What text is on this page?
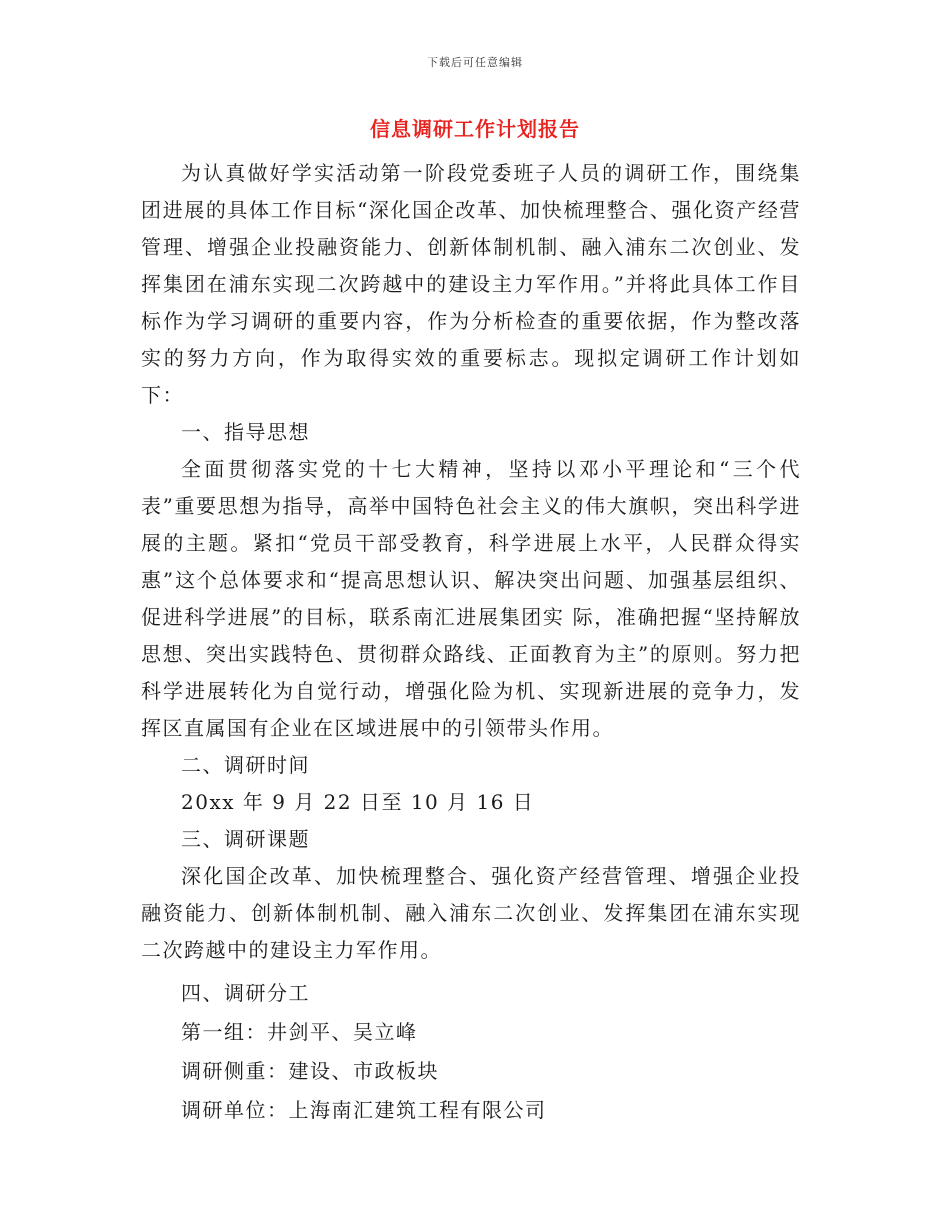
下载后可任意编辑
信息调研工作计划报告

为认真做好学实活动第一阶段党委班子人员的调研工作，围绕集团进展的具体工作目标“深化国企改革、加快梳理整合、强化资产经营管理、增强企业投融资能力、创新体制机制、融入浦东二次创业、发挥集团在浦东实现二次跨越中的建设主力军作用。”并将此具体工作目标作为学习调研的重要内容，作为分析检查的重要依据，作为整改落实的努力方向，作为取得实效的重要标志。现拟定调研工作计划如下：

一、指导思想

全面贯彻落实党的十七大精神，坚持以邓小平理论和“三个代表”重要思想为指导，高举中国特色社会主义的伟大旗帜，突出科学进展的主题。紧扣“党员干部受教育，科学进展上水平，人民群众得实惠”这个总体要求和“提高思想认识、解决突出问题、加强基层组织、促进科学进展”的目标，联系南汇进展集团实 际，准确把握“坚持解放思想、突出实践特色、贯彻群众路线、正面教育为主”的原则。努力把科学进展转化为自觉行动，增强化险为机、实现新进展的竞争力，发挥区直属国有企业在区域进展中的引领带头作用。

二、调研时间

20xx 年 9 月 22 日至 10 月 16 日

三、调研课题

深化国企改革、加快梳理整合、强化资产经营管理、增强企业投融资能力、创新体制机制、融入浦东二次创业、发挥集团在浦东实现二次跨越中的建设主力军作用。

四、调研分工

第一组：井剑平、吴立峰

调研侧重：建设、市政板块

调研单位：上海南汇建筑工程有限公司
